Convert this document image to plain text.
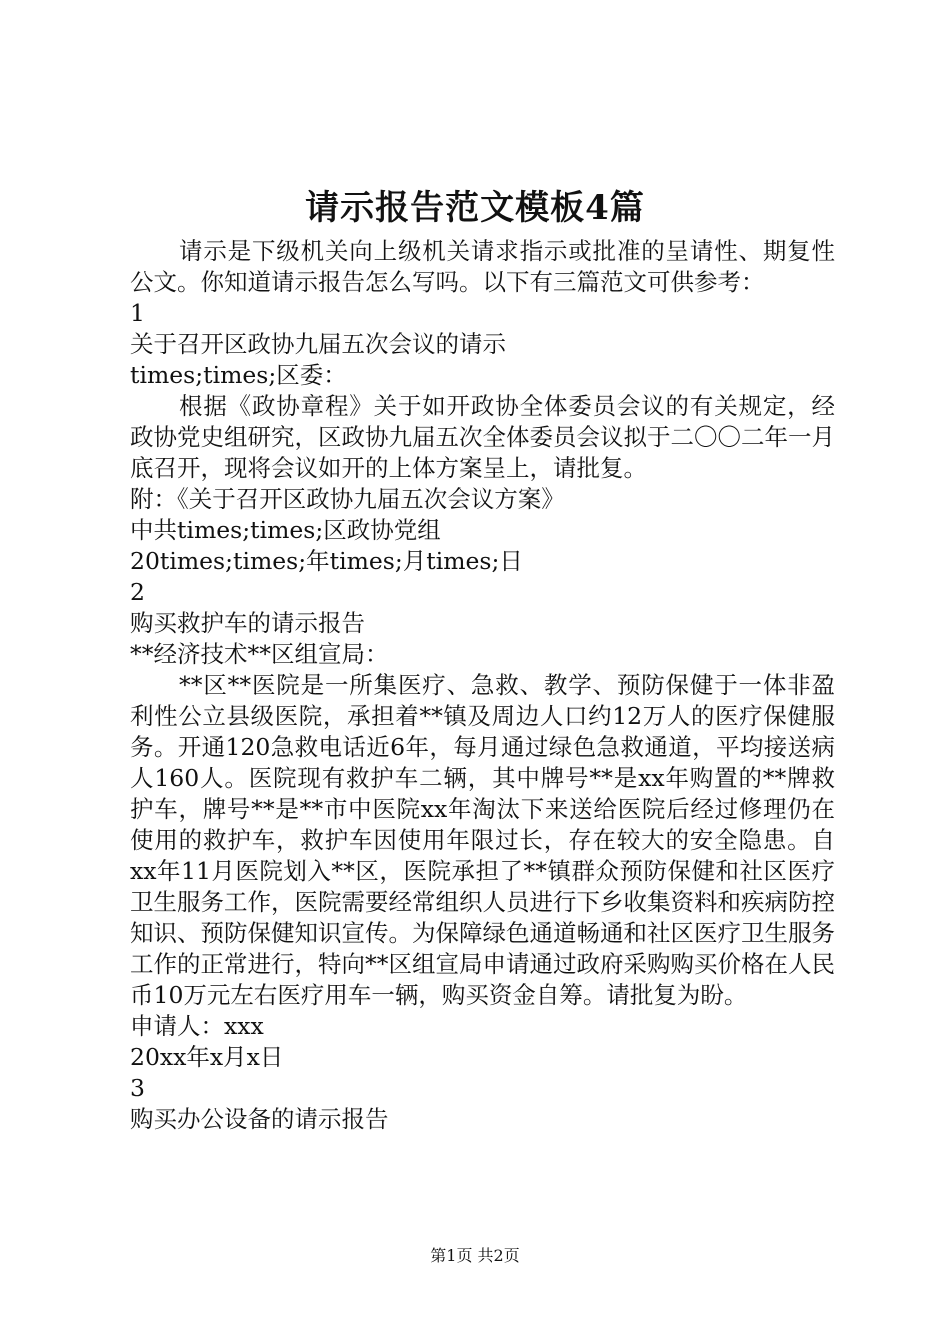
请示报告范文模板4篇

请示是下级机关向上级机关请求指示或批准的呈请性、期复性公文。你知道请示报告怎么写吗。以下有三篇范文可供参考：

1

关于召开区政协九届五次会议的请示

times;times;区委：

根据《政协章程》关于如开政协全体委员会议的有关规定，经政协党史组研究，区政协九届五次全体委员会议拟于二〇〇二年一月底召开，现将会议如开的上体方案呈上，请批复。

附：《关于召开区政协九届五次会议方案》

中共times;times;区政协党组

20times;times;年times;月times;日

2

购买救护车的请示报告

**经济技术**区组宣局：

**区**医院是一所集医疗、急救、教学、预防保健于一体非盈利性公立县级医院，承担着**镇及周边人口约12万人的医疗保健服务。开通120急救电话近6年，每月通过绿色急救通道，平均接送病人160人。医院现有救护车二辆，其中牌号**是xx年购置的**牌救护车，牌号**是**市中医院xx年淘汰下来送给医院后经过修理仍在使用的救护车，救护车因使用年限过长，存在较大的安全隐患。自xx年11月医院划入**区，医院承担了**镇群众预防保健和社区医疗卫生服务工作，医院需要经常组织人员进行下乡收集资料和疾病防控知识、预防保健知识宣传。为保障绿色通道畅通和社区医疗卫生服务工作的正常进行，特向**区组宣局申请通过政府采购购买价格在人民币10万元左右医疗用车一辆，购买资金自筹。请批复为盼。

申请人：xxx

20xx年x月x日

3

购买办公设备的请示报告

第1页 共2页
